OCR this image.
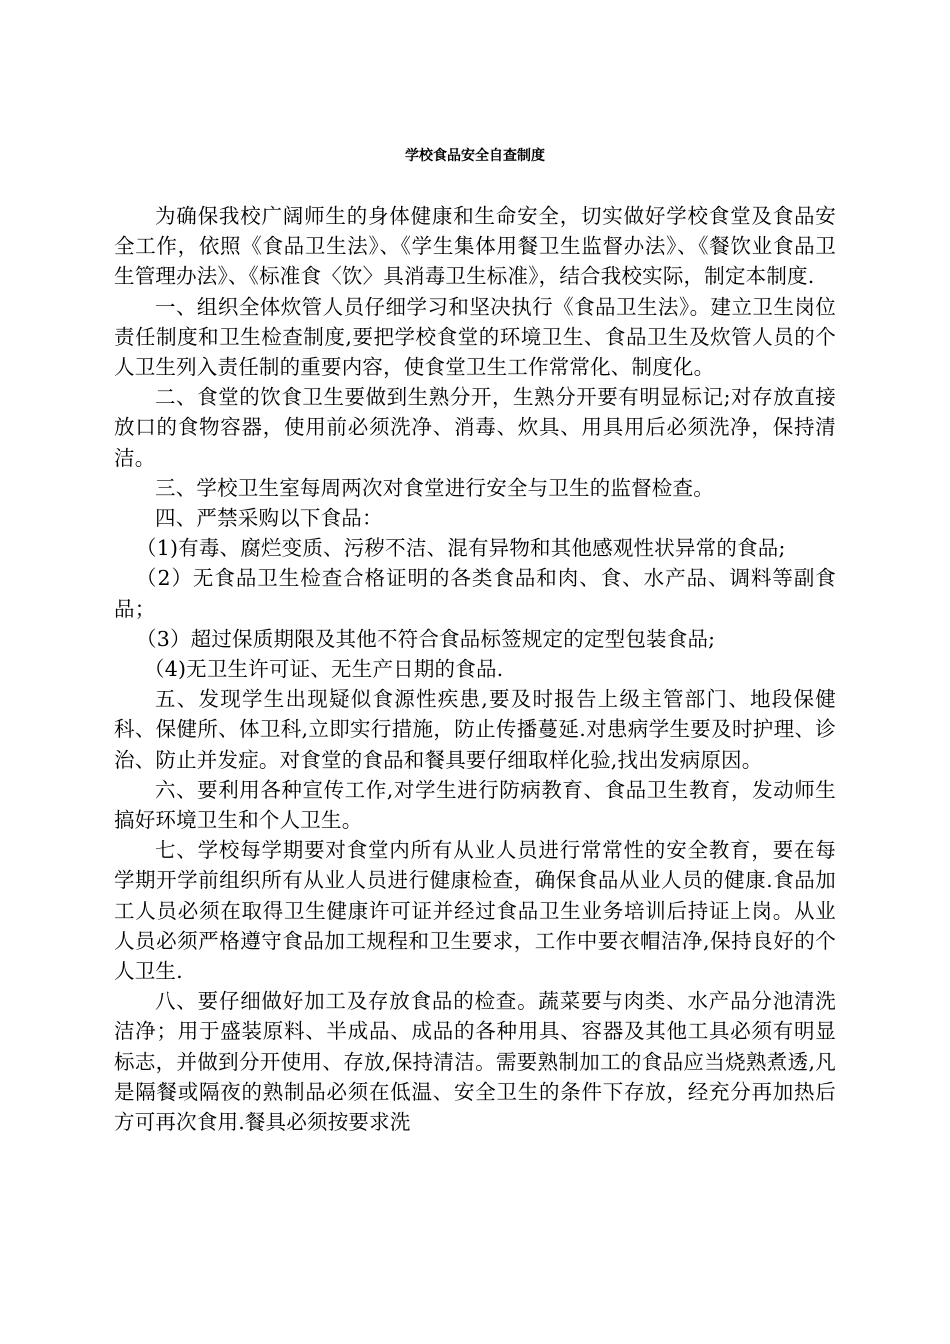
学校食品安全自查制度

为确保我校广阔师生的身体健康和生命安全，切实做好学校食堂及食品安全工作，依照《食品卫生法》、《学生集体用餐卫生监督办法》、《餐饮业食品卫生管理办法》、《标准食〈饮〉具消毒卫生标准》，结合我校实际，制定本制度.

一、组织全体炊管人员仔细学习和坚决执行《食品卫生法》。建立卫生岗位责任制度和卫生检查制度,要把学校食堂的环境卫生、食品卫生及炊管人员的个人卫生列入责任制的重要内容，使食堂卫生工作常常化、制度化。

二、食堂的饮食卫生要做到生熟分开，生熟分开要有明显标记;对存放直接放口的食物容器，使用前必须洗净、消毒、炊具、用具用后必须洗净，保持清洁。

三、学校卫生室每周两次对食堂进行安全与卫生的监督检查。

四、严禁采购以下食品：

（1)有毒、腐烂变质、污秽不洁、混有异物和其他感观性状异常的食品;

（2）无食品卫生检查合格证明的各类食品和肉、食、水产品、调料等副食品；

（3）超过保质期限及其他不符合食品标签规定的定型包装食品;

（4)无卫生许可证、无生产日期的食品.

五、发现学生出现疑似食源性疾患,要及时报告上级主管部门、地段保健科、保健所、体卫科,立即实行措施，防止传播蔓延.对患病学生要及时护理、诊治、防止并发症。对食堂的食品和餐具要仔细取样化验,找出发病原因。

六、要利用各种宣传工作,对学生进行防病教育、食品卫生教育，发动师生搞好环境卫生和个人卫生。

七、学校每学期要对食堂内所有从业人员进行常常性的安全教育，要在每学期开学前组织所有从业人员进行健康检查，确保食品从业人员的健康.食品加工人员必须在取得卫生健康许可证并经过食品卫生业务培训后持证上岗。从业人员必须严格遵守食品加工规程和卫生要求，工作中要衣帽洁净,保持良好的个人卫生.

八、要仔细做好加工及存放食品的检查。蔬菜要与肉类、水产品分池清洗洁净；用于盛装原料、半成品、成品的各种用具、容器及其他工具必须有明显标志，并做到分开使用、存放,保持清洁。需要熟制加工的食品应当烧熟煮透,凡是隔餐或隔夜的熟制品必须在低温、安全卫生的条件下存放，经充分再加热后方可再次食用.餐具必须按要求洗
